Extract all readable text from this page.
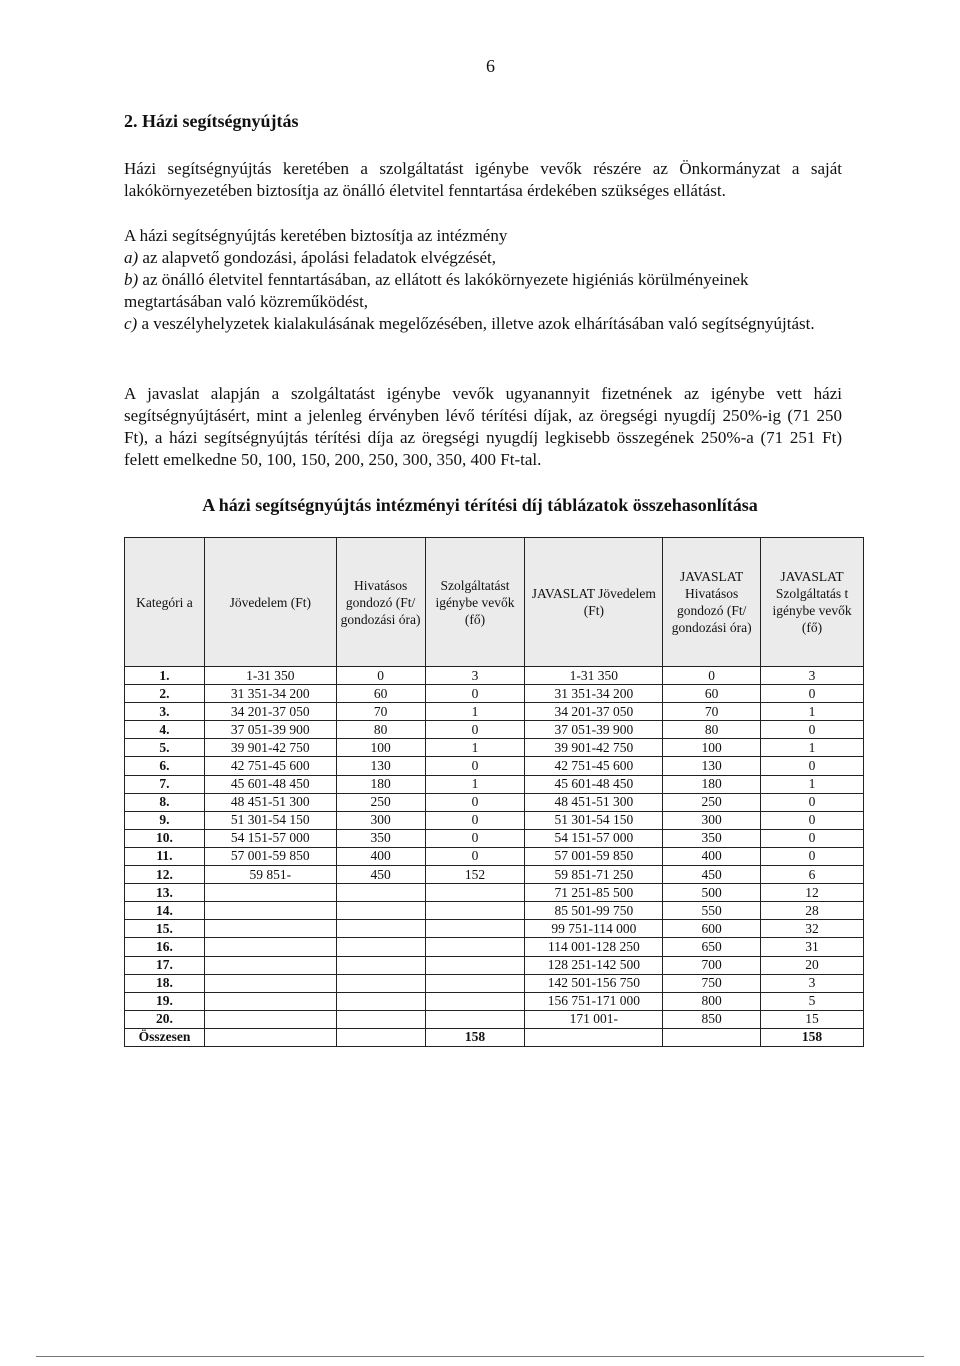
6
2. Házi segítségnyújtás

Házi segítségnyújtás keretében a szolgáltatást igénybe vevők részére az Önkormányzat a saját lakókörnyezetében biztosítja az önálló életvitel fenntartása érdekében szükséges ellátást.

A házi segítségnyújtás keretében biztosítja az intézmény

a) az alapvető gondozási, ápolási feladatok elvégzését,

b) az önálló életvitel fenntartásában, az ellátott és lakókörnyezete higiéniás körülményeinek megtartásában való közreműködést,

c) a veszélyhelyzetek kialakulásának megelőzésében, illetve azok elhárításában való segítségnyújtást.

A javaslat alapján a szolgáltatást igénybe vevők ugyanannyit fizetnének az igénybe vett házi segítségnyújtásért, mint a jelenleg érvényben lévő térítési díjak, az öregségi nyugdíj 250%-ig (71 250 Ft), a házi segítségnyújtás térítési díja az öregségi nyugdíj legkisebb összegének 250%-a (71 251 Ft) felett emelkedne 50, 100, 150, 200, 250, 300, 350, 400 Ft-tal.

A házi segítségnyújtás intézményi térítési díj táblázatok összehasonlítása
Kategóri a	Jövedelem (Ft)	Hivatásos gondozó (Ft/ gondozási óra)	Szolgáltatást igénybe vevők (fő)	JAVASLAT Jövedelem (Ft)	JAVASLAT Hivatásos gondozó (Ft/ gondozási óra)	JAVASLAT Szolgáltatás t igénybe vevők (fő)
1.	1-31 350	0	3	1-31 350	0	3
2.	31 351-34 200	60	0	31 351-34 200	60	0
3.	34 201-37 050	70	1	34 201-37 050	70	1
4.	37 051-39 900	80	0	37 051-39 900	80	0
5.	39 901-42 750	100	1	39 901-42 750	100	1
6.	42 751-45 600	130	0	42 751-45 600	130	0
7.	45 601-48 450	180	1	45 601-48 450	180	1
8.	48 451-51 300	250	0	48 451-51 300	250	0
9.	51 301-54 150	300	0	51 301-54 150	300	0
10.	54 151-57 000	350	0	54 151-57 000	350	0
11.	57 001-59 850	400	0	57 001-59 850	400	0
12.	59 851-	450	152	59 851-71 250	450	6
13.				71 251-85 500	500	12
14.				85 501-99 750	550	28
15.				99 751-114 000	600	32
16.				114 001-128 250	650	31
17.				128 251-142 500	700	20
18.				142 501-156 750	750	3
19.				156 751-171 000	800	5
20.				171 001-	850	15
Összesen			158			158
